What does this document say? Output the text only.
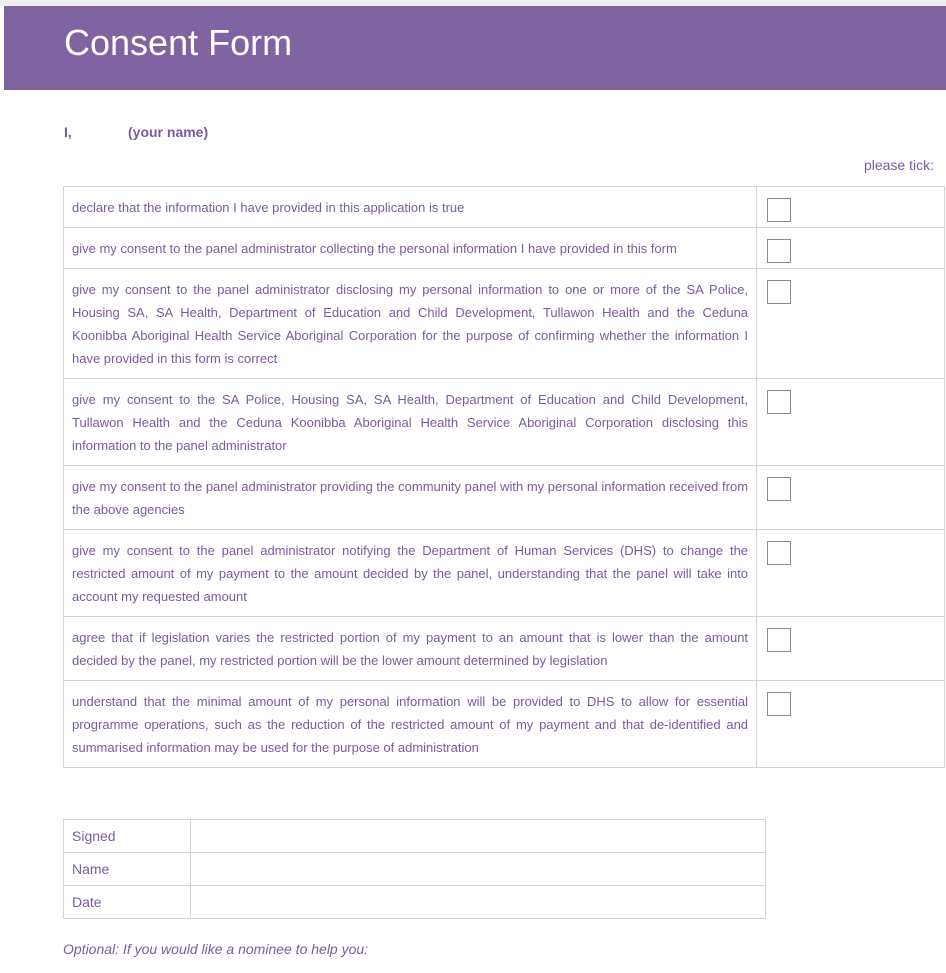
Consent Form
I,	(your name)
please tick:
declare that the information I have provided in this application is true	

give my consent to the panel administrator collecting the personal information I have provided in this form	

give my consent to the panel administrator disclosing my personal information to one or more of the SA Police, Housing SA, SA Health, Department of Education and Child Development, Tullawon Health and the Ceduna Koonibba Aboriginal Health Service Aboriginal Corporation for the purpose of confirming whether the information I have provided in this form is correct	

give my consent to the SA Police, Housing SA, SA Health, Department of Education and Child Development, Tullawon Health and the Ceduna Koonibba Aboriginal Health Service Aboriginal Corporation disclosing this information to the panel administrator	

give my consent to the panel administrator providing the community panel with my personal information received from the above agencies	

give my consent to the panel administrator notifying the Department of Human Services (DHS) to change the restricted amount of my payment to the amount decided by the panel, understanding that the panel will take into account my requested amount	

agree that if legislation varies the restricted portion of my payment to an amount that is lower than the amount decided by the panel, my restricted portion will be the lower amount determined by legislation	

understand that the minimal amount of my personal information will be provided to DHS to allow for essential programme operations, such as the reduction of the restricted amount of my payment and that de-identified and summarised information may be used for the purpose of administration	
Signed	
Name	
Date	
Optional: If you would like a nominee to help you:
